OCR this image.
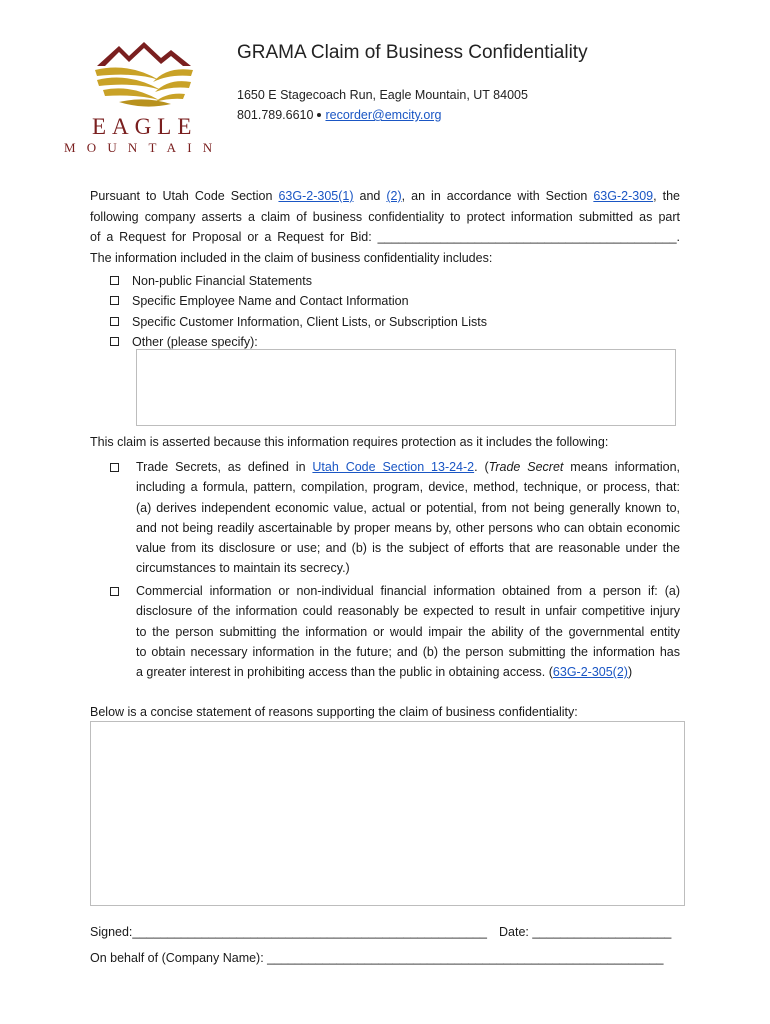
EAGLE
MOUNTAIN
GRAMA Claim of Business Confidentiality
1650 E Stagecoach Run, Eagle Mountain, UT 84005
801.789.6610 recorder@emcity.org
Pursuant to Utah Code Section 63G-2-305(1) and (2), an in accordance with Section 63G-2-309, the
following company asserts a claim of business confidentiality to protect information submitted as part
of a Request for Proposal or a Request for Bid: ___________________________________________.
The information included in the claim of business confidentiality includes:
Non-public Financial Statements
Specific Employee Name and Contact Information
Specific Customer Information, Client Lists, or Subscription Lists
Other (please specify):
This claim is asserted because this information requires protection as it includes the following:
Trade Secrets, as defined in Utah Code Section 13-24-2. (Trade Secret means information,
including a formula, pattern, compilation, program, device, method, technique, or process, that:
(a) derives independent economic value, actual or potential, from not being generally known to,
and not being readily ascertainable by proper means by, other persons who can obtain economic
value from its disclosure or use; and (b) is the subject of efforts that are reasonable under the
circumstances to maintain its secrecy.)
Commercial information or non-individual financial information obtained from a person if: (a)
disclosure of the information could reasonably be expected to result in unfair competitive injury
to the person submitting the information or would impair the ability of the governmental entity
to obtain necessary information in the future; and (b) the person submitting the information has
a greater interest in prohibiting access than the public in obtaining access. (63G-2-305(2))
Below is a concise statement of reasons supporting the claim of business confidentiality:
Signed:___________________________________________________ Date: ____________________
On behalf of (Company Name): _________________________________________________________
